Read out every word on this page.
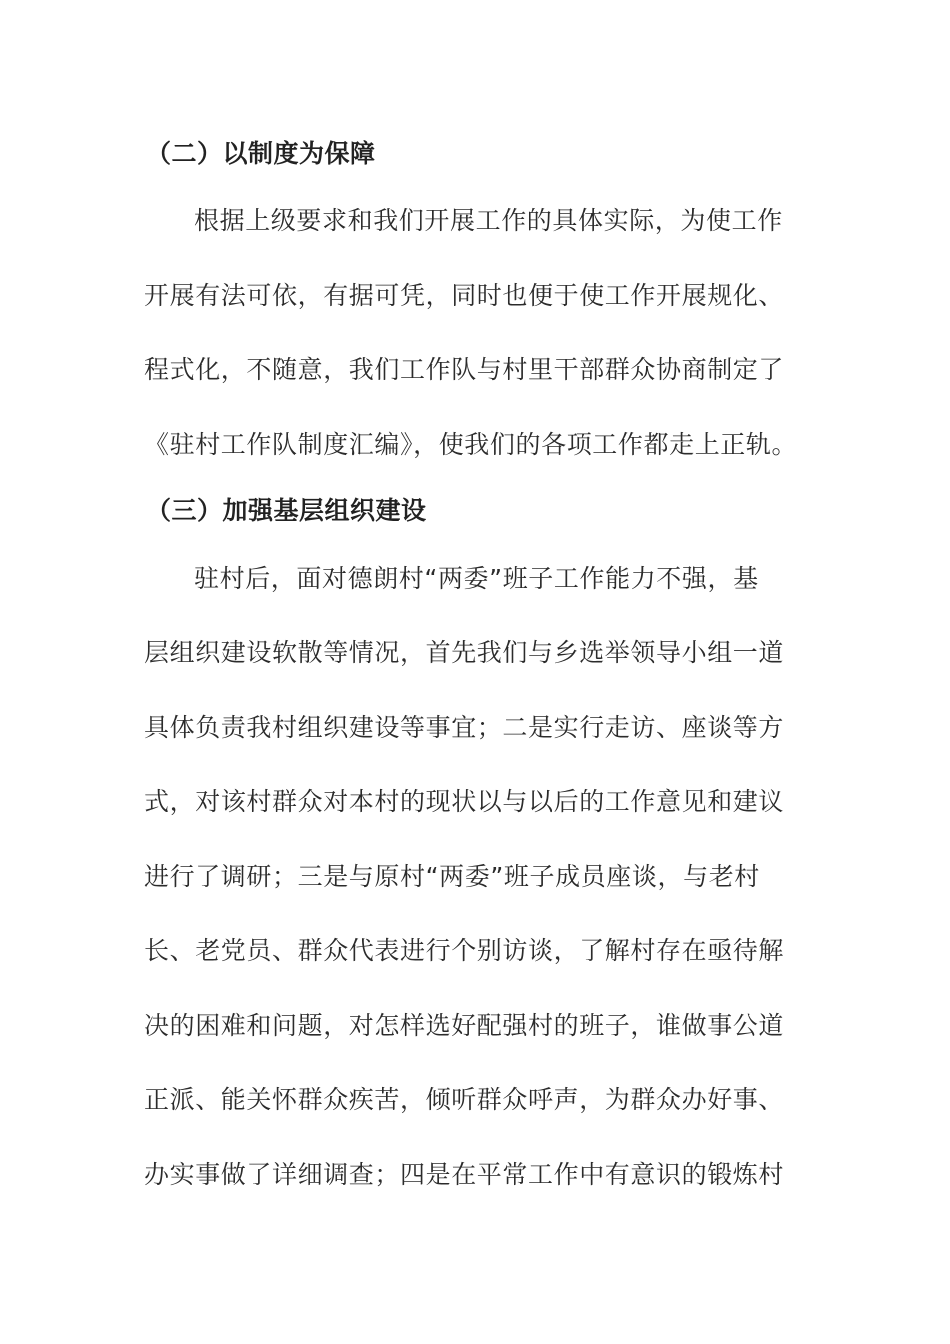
（二）以制度为保障
根据上级要求和我们开展工作的具体实际，为使工作
开展有法可依，有据可凭，同时也便于使工作开展规化、
程式化，不随意，我们工作队与村里干部群众协商制定了
《驻村工作队制度汇编》，使我们的各项工作都走上正轨。
（三）加强基层组织建设
驻村后，面对德朗村“两委”班子工作能力不强，基
层组织建设软散等情况，首先我们与乡选举领导小组一道
具体负责我村组织建设等事宜；二是实行走访、座谈等方
式，对该村群众对本村的现状以与以后的工作意见和建议
进行了调研；三是与原村“两委”班子成员座谈，与老村
长、老党员、群众代表进行个别访谈，了解村存在亟待解
决的困难和问题，对怎样选好配强村的班子，谁做事公道
正派、能关怀群众疾苦，倾听群众呼声，为群众办好事、
办实事做了详细调查；四是在平常工作中有意识的锻炼村
